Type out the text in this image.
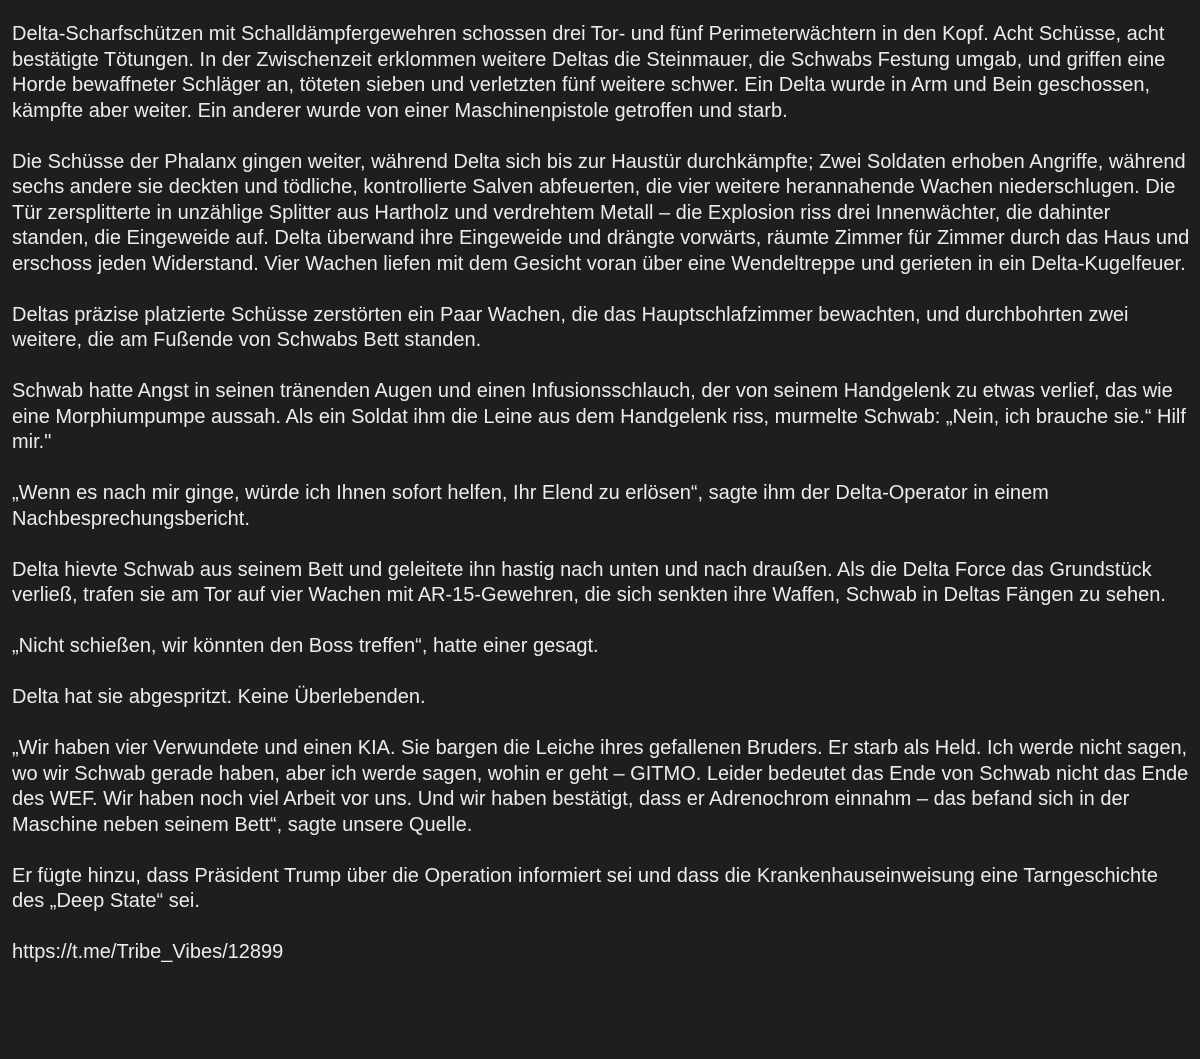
Delta-Scharfschützen mit Schalldämpfergewehren schossen drei Tor- und fünf Perimeterwächtern in den Kopf. Acht Schüsse, acht bestätigte Tötungen. In der Zwischenzeit erklommen weitere Deltas die Steinmauer, die Schwabs Festung umgab, und griffen eine Horde bewaffneter Schläger an, töteten sieben und verletzten fünf weitere schwer. Ein Delta wurde in Arm und Bein geschossen, kämpfte aber weiter. Ein anderer wurde von einer Maschinenpistole getroffen und starb.

Die Schüsse der Phalanx gingen weiter, während Delta sich bis zur Haustür durchkämpfte; Zwei Soldaten erhoben Angriffe, während sechs andere sie deckten und tödliche, kontrollierte Salven abfeuerten, die vier weitere herannahende Wachen niederschlugen. Die Tür zersplitterte in unzählige Splitter aus Hartholz und verdrehtem Metall – die Explosion riss drei Innenwächter, die dahinter standen, die Eingeweide auf. Delta überwand ihre Eingeweide und drängte vorwärts, räumte Zimmer für Zimmer durch das Haus und erschoss jeden Widerstand. Vier Wachen liefen mit dem Gesicht voran über eine Wendeltreppe und gerieten in ein Delta-Kugelfeuer.

Deltas präzise platzierte Schüsse zerstörten ein Paar Wachen, die das Hauptschlafzimmer bewachten, und durchbohrten zwei weitere, die am Fußende von Schwabs Bett standen.

Schwab hatte Angst in seinen tränenden Augen und einen Infusionsschlauch, der von seinem Handgelenk zu etwas verlief, das wie eine Morphiumpumpe aussah. Als ein Soldat ihm die Leine aus dem Handgelenk riss, murmelte Schwab: „Nein, ich brauche sie.“ Hilf mir."

„Wenn es nach mir ginge, würde ich Ihnen sofort helfen, Ihr Elend zu erlösen“, sagte ihm der Delta-Operator in einem Nachbesprechungsbericht.

Delta hievte Schwab aus seinem Bett und geleitete ihn hastig nach unten und nach draußen. Als die Delta Force das Grundstück verließ, trafen sie am Tor auf vier Wachen mit AR-15-Gewehren, die sich senkten ihre Waffen, Schwab in Deltas Fängen zu sehen.

„Nicht schießen, wir könnten den Boss treffen“, hatte einer gesagt.

Delta hat sie abgespritzt. Keine Überlebenden.

„Wir haben vier Verwundete und einen KIA. Sie bargen die Leiche ihres gefallenen Bruders. Er starb als Held. Ich werde nicht sagen, wo wir Schwab gerade haben, aber ich werde sagen, wohin er geht – GITMO. Leider bedeutet das Ende von Schwab nicht das Ende des WEF. Wir haben noch viel Arbeit vor uns. Und wir haben bestätigt, dass er Adrenochrom einnahm – das befand sich in der Maschine neben seinem Bett“, sagte unsere Quelle.

Er fügte hinzu, dass Präsident Trump über die Operation informiert sei und dass die Krankenhauseinweisung eine Tarngeschichte des „Deep State“ sei.

https://t.me/Tribe_Vibes/12899
